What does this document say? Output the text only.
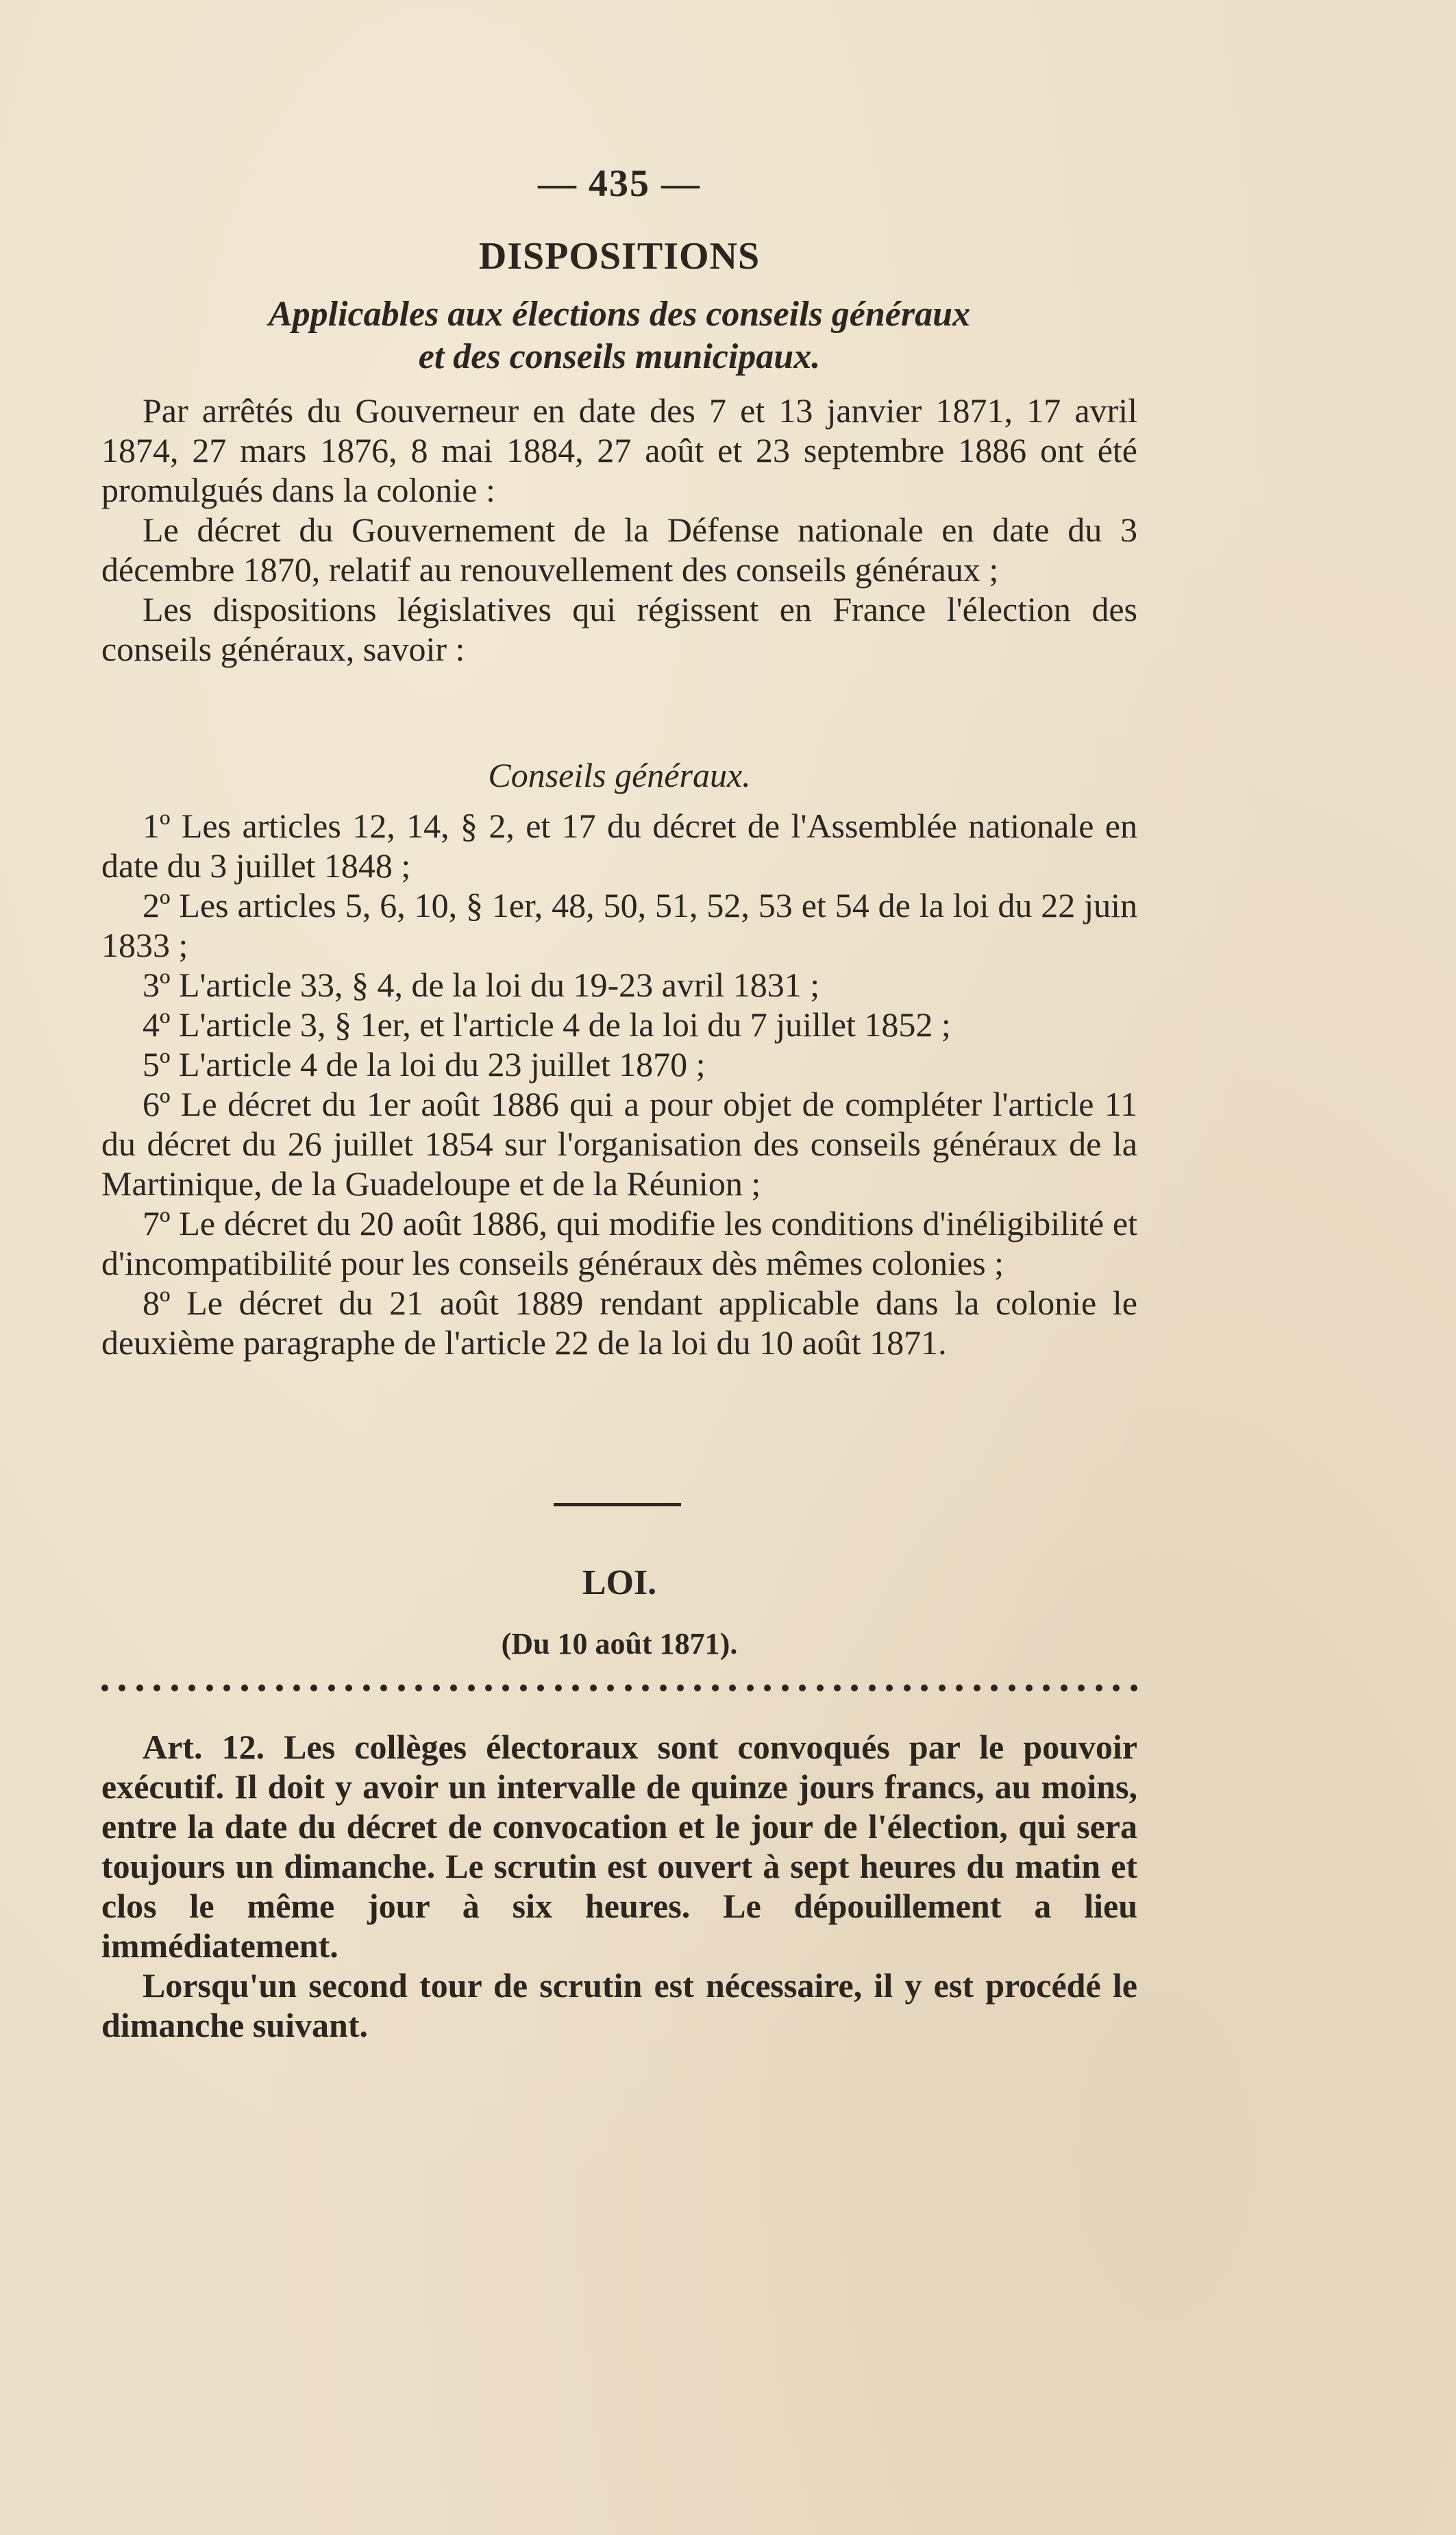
— 435 —
DISPOSITIONS
Applicables aux élections des conseils généraux
et des conseils municipaux.

Par arrêtés du Gouverneur en date des 7 et 13 janvier 1871, 17 avril 1874, 27 mars 1876, 8 mai 1884, 27 août et 23 septembre 1886 ont été promulgués dans la colonie :

Le décret du Gouvernement de la Défense nationale en date du 3 décembre 1870, relatif au renouvellement des conseils généraux ;

Les dispositions législatives qui régissent en France l'élection des conseils généraux, savoir :

Conseils généraux.

1º Les articles 12, 14, § 2, et 17 du décret de l'Assemblée nationale en date du 3 juillet 1848 ;

2º Les articles 5, 6, 10, § 1er, 48, 50, 51, 52, 53 et 54 de la loi du 22 juin 1833 ;

3º L'article 33, § 4, de la loi du 19-23 avril 1831 ;

4º L'article 3, § 1er, et l'article 4 de la loi du 7 juillet 1852 ;

5º L'article 4 de la loi du 23 juillet 1870 ;

6º Le décret du 1er août 1886 qui a pour objet de compléter l'article 11 du décret du 26 juillet 1854 sur l'organisation des conseils généraux de la Martinique, de la Guadeloupe et de la Réunion ;

7º Le décret du 20 août 1886, qui modifie les conditions d'inéligibilité et d'incompatibilité pour les conseils généraux dès mêmes colonies ;

8º Le décret du 21 août 1889 rendant applicable dans la colonie le deuxième paragraphe de l'article 22 de la loi du 10 août 1871.

LOI.
(Du 10 août 1871).

Art. 12. Les collèges électoraux sont convoqués par le pouvoir exécutif. Il doit y avoir un intervalle de quinze jours francs, au moins, entre la date du décret de convocation et le jour de l'élection, qui sera toujours un dimanche. Le scrutin est ouvert à sept heures du matin et clos le même jour à six heures. Le dépouillement a lieu immédiatement.

Lorsqu'un second tour de scrutin est nécessaire, il y est procédé le dimanche suivant.
